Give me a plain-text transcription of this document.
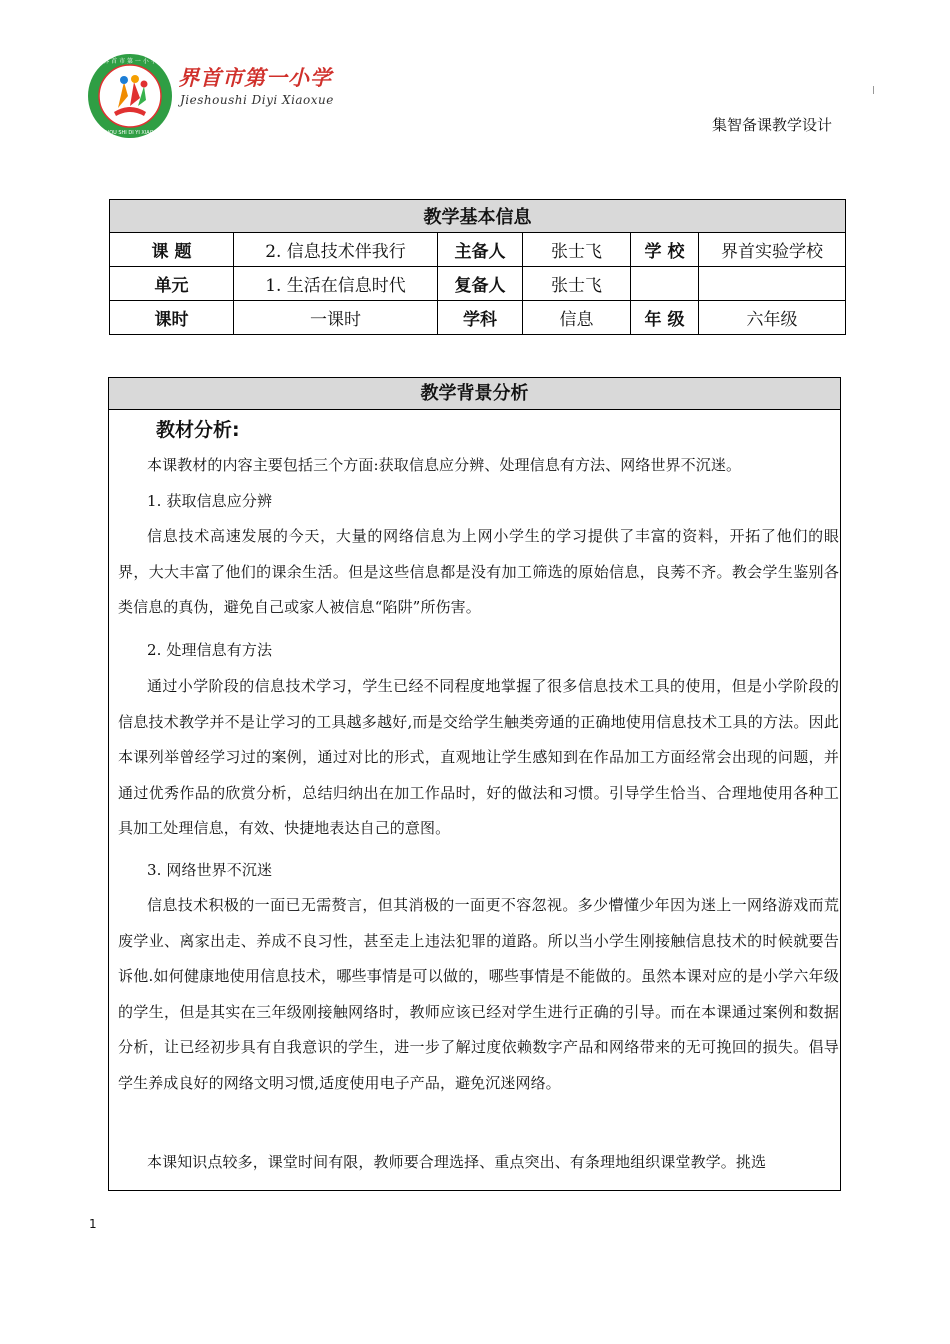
界 首 市 第 一 小 学
JIE SHOU SHI DI YI XIAO XUE
界首市第一小学
Jieshoushi Diyi Xiaoxue
集智备课教学设计
教学基本信息					
课 题	2. 信息技术伴我行	主备人	张士飞	学 校	界首实验学校
单元	1. 生活在信息时代	复备人	张士飞		
课时	一课时	学科	信息	年 级	六年级
教学背景分析
教材分析:
本课教材的内容主要包括三个方面:获取信息应分辨、处理信息有方法、网络世界不沉迷。
1. 获取信息应分辨
信息技术高速发展的今天，大量的网络信息为上网小学生的学习提供了丰富的资料，开拓了他们的眼界，大大丰富了他们的课余生活。但是这些信息都是没有加工筛选的原始信息，良莠不齐。教会学生鉴别各类信息的真伪，避免自己或家人被信息“陷阱”所伤害。
2. 处理信息有方法
通过小学阶段的信息技术学习，学生已经不同程度地掌握了很多信息技术工具的使用，但是小学阶段的信息技术教学并不是让学习的工具越多越好,而是交给学生触类旁通的正确地使用信息技术工具的方法。因此本课列举曾经学习过的案例，通过对比的形式，直观地让学生感知到在作品加工方面经常会出现的问题，并通过优秀作品的欣赏分析，总结归纳出在加工作品时，好的做法和习惯。引导学生恰当、合理地使用各种工具加工处理信息，有效、快捷地表达自己的意图。
3. 网络世界不沉迷
信息技术积极的一面已无需赘言，但其消极的一面更不容忽视。多少懵懂少年因为迷上一网络游戏而荒废学业、离家出走、养成不良习性，甚至走上违法犯罪的道路。所以当小学生刚接触信息技术的时候就要告诉他.如何健康地使用信息技术，哪些事情是可以做的，哪些事情是不能做的。虽然本课对应的是小学六年级的学生，但是其实在三年级刚接触网络时，教师应该已经对学生进行正确的引导。而在本课通过案例和数据分析，让已经初步具有自我意识的学生，进一步了解过度依赖数字产品和网络带来的无可挽回的损失。倡导学生养成良好的网络文明习惯,适度使用电子产品，避免沉迷网络。
本课知识点较多，课堂时间有限，教师要合理选择、重点突出、有条理地组织课堂教学。挑选
1
